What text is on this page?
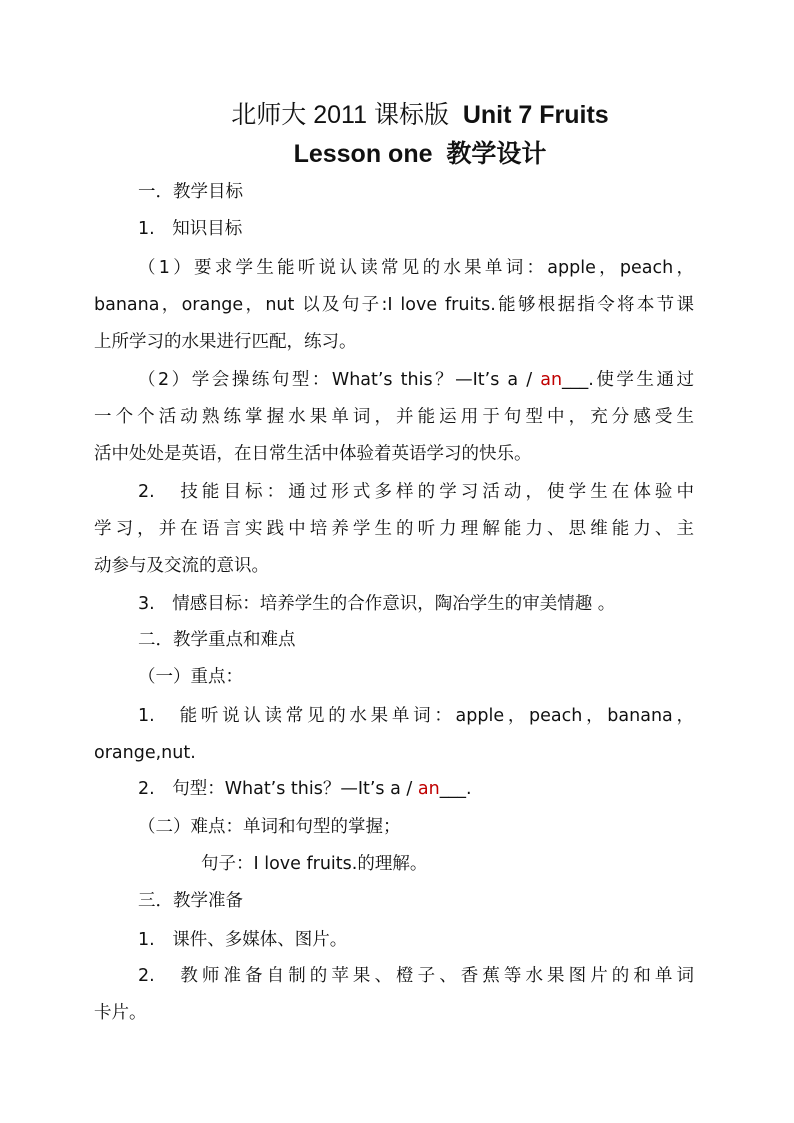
北师大 2011 课标版 Unit 7 Fruits
Lesson one 教学设计
一．教学目标
1.　知识目标
（1）要求学生能听说认读常见的水果单词：apple，peach，
banana，orange，nut 以及句子:I love fruits.能够根据指令将本节课
上所学习的水果进行匹配，练习。
（2）学会操练句型：What’s this？—It’s a / an___.使学生通过
一个个活动熟练掌握水果单词，并能运用于句型中，充分感受生
活中处处是英语，在日常生活中体验着英语学习的快乐。
2.　技能目标：通过形式多样的学习活动，使学生在体验中
学习，并在语言实践中培养学生的听力理解能力、思维能力、主
动参与及交流的意识。
3.　情感目标：培养学生的合作意识，陶冶学生的审美情趣 。
二．教学重点和难点
（一）重点：
1.　能听说认读常见的水果单词：apple，peach，banana，
orange,nut.
2.　句型：What’s this？—It’s a / an___.
（二）难点：单词和句型的掌握；
句子：I love fruits.的理解。
三．教学准备
1.　课件、多媒体、图片。
2.　教师准备自制的苹果、橙子、香蕉等水果图片的和单词
卡片。
